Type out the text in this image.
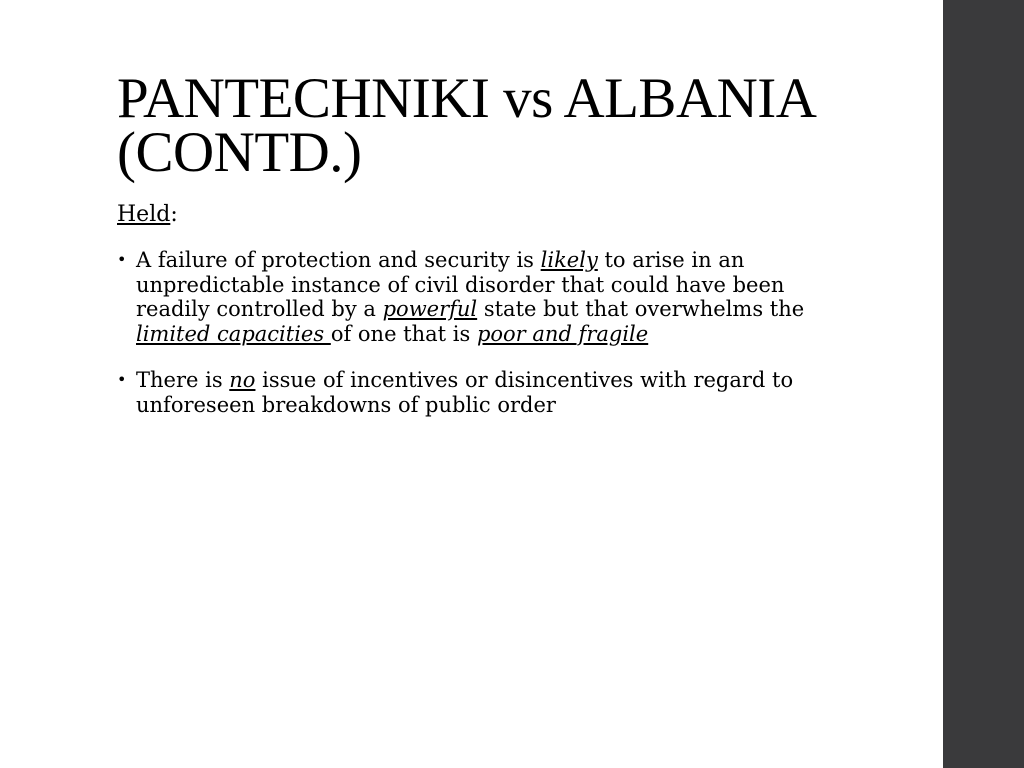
PANTECHNIKI vs ALBANIA
(CONTD.)
Held:
• A failure of protection and security is likely to arise in an unpredictable instance of civil disorder that could have been readily controlled by a powerful state but that overwhelms the limited capacities of one that is poor and fragile
• There is no issue of incentives or disincentives with regard to unforeseen breakdowns of public order
